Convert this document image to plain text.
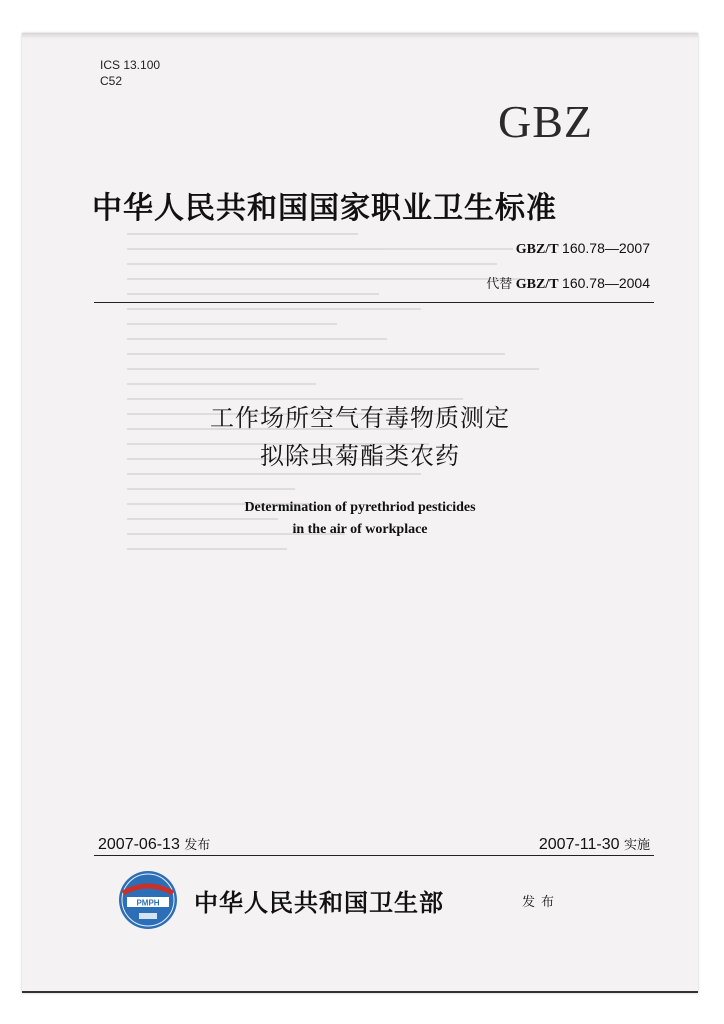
ICS 13.100
C52
GBZ
中华人民共和国国家职业卫生标准
GBZ/T 160.78—2007
代替 GBZ/T 160.78—2004
工作场所空气有毒物质测定
拟除虫菊酯类农药
Determination of pyrethriod pesticides
in the air of workplace
2007-06-13 发布	2007-11-30 实施
PMPH 中华人民共和国卫生部	发布
